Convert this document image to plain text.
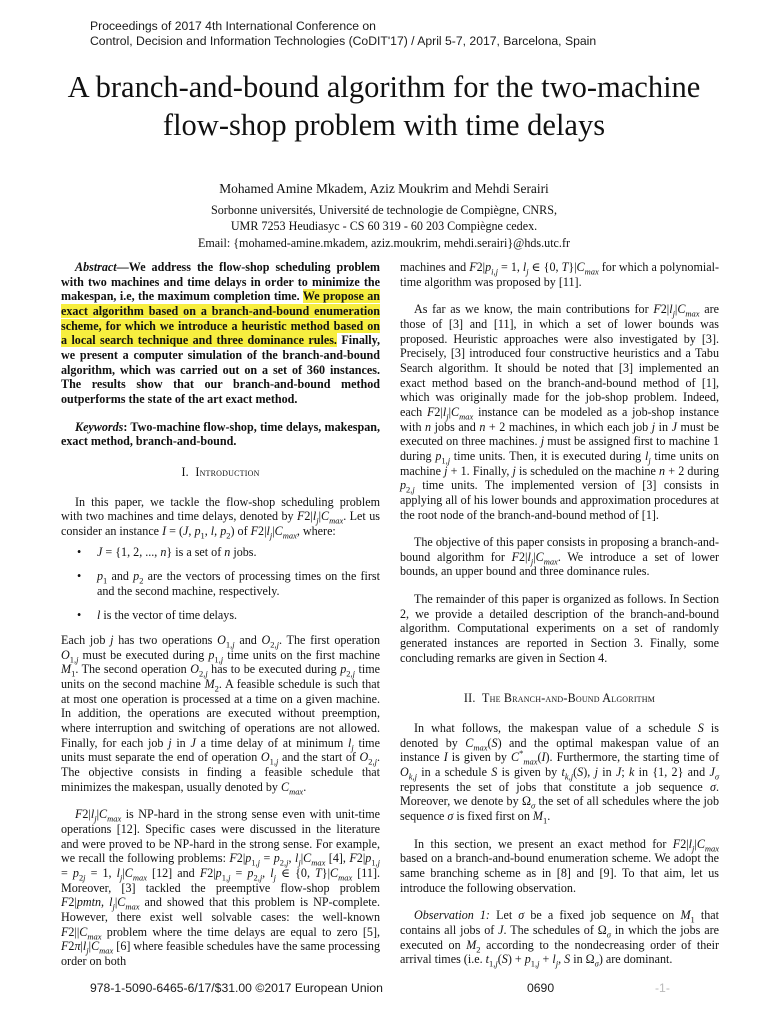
Proceedings of 2017 4th International Conference on
Control, Decision and Information Technologies (CoDIT'17) / April 5-7, 2017, Barcelona, Spain
A branch-and-bound algorithm for the two-machine
flow-shop problem with time delays
Mohamed Amine Mkadem, Aziz Moukrim and Mehdi Serairi
Sorbonne universités, Université de technologie de Compiègne, CNRS,
UMR 7253 Heudiasyc - CS 60 319 - 60 203 Compiègne cedex.
Email: {mohamed-amine.mkadem, aziz.moukrim, mehdi.serairi}@hds.utc.fr

Abstract—We address the flow-shop scheduling problem with two machines and time delays in order to minimize the makespan, i.e, the maximum completion time. We propose an exact algorithm based on a branch-and-bound enumeration scheme, for which we introduce a heuristic method based on a local search technique and three dominance rules. Finally, we present a computer simulation of the branch-and-bound algorithm, which was carried out on a set of 360 instances. The results show that our branch-and-bound method outperforms the state of the art exact method.

Keywords: Two-machine flow-shop, time delays, makespan, exact method, branch-and-bound.

I. Introduction

In this paper, we tackle the flow-shop scheduling problem with two machines and time delays, denoted by $F2|l_j|C_{max}$. Let us consider an instance I = (J, $p_1$, l, $p_2$) of $F2|l_j|C_{max}$, where:

• J = {1, 2, ..., n} is a set of n jobs.
• $p_1$ and $p_2$ are the vectors of processing times on the first and the second machine, respectively.
• l is the vector of time delays.

Each job j has two operations $O_{1,j}$ and $O_{2,j}$. The first operation $O_{1,j}$ must be executed during $p_{1,j}$ time units on the first machine $M_1$. The second operation $O_{2,j}$ has to be executed during $p_{2,j}$ time units on the second machine $M_2$. A feasible schedule is such that at most one operation is processed at a time on a given machine. In addition, the operations are executed without preemption, where interruption and switching of operations are not allowed. Finally, for each job j in J a time delay of at minimum $l_j$ time units must separate the end of operation $O_{1,j}$ and the start of $O_{2,j}$. The objective consists in finding a feasible schedule that minimizes the makespan, usually denoted by $C_{max}$.

$F2|l_j|C_{max}$ is NP-hard in the strong sense even with unit-time operations [12]. Specific cases were discussed in the literature and were proved to be NP-hard in the strong sense. For example, we recall the following problems: $F2|p_{1,j} = p_{2,j}$, $l_j|C_{max}$ [4], $F2|p_{1,j} = p_{2j} = 1$, $l_j|C_{max}$ [12] and $F2|p_{1,j} = p_{2,j}$, $l_j$ ∈ {0, $T\}|C_{max}$ [11]. Moreover, [3] tackled the preemptive flow-shop problem F2|pmtn, $l_j|C_{max}$ and showed that this problem is NP-complete. However, there exist well solvable cases: the well-known $F2||C_{max}$ problem where the time delays are equal to zero [5], $F2\pi|l_j|C_{max}$ [6] where feasible schedules have the same processing order on both

machines and $F2|p_{i,j} = 1$, $l_j$ ∈ {0, $T\}|C_{max}$ for which a polynomial-time algorithm was proposed by [11].

As far as we know, the main contributions for $F2|l_j|C_{max}$ are those of [3] and [11], in which a set of lower bounds was proposed. Heuristic approaches were also investigated by [3]. Precisely, [3] introduced four constructive heuristics and a Tabu Search algorithm. It should be noted that [3] implemented an exact method based on the branch-and-bound method of [1], which was originally made for the job-shop problem. Indeed, each $F2|l_j|C_{max}$ instance can be modeled as a job-shop instance with n jobs and n + 2 machines, in which each job j in J must be executed on three machines. j must be assigned first to machine 1 during $p_{1,j}$ time units. Then, it is executed during $l_j$ time units on machine j + 1. Finally, j is scheduled on the machine n + 2 during $p_{2,j}$ time units. The implemented version of [3] consists in applying all of his lower bounds and approximation procedures at the root node of the branch-and-bound method of [1].

The objective of this paper consists in proposing a branch-and-bound algorithm for $F2|l_j|C_{max}$. We introduce a set of lower bounds, an upper bound and three dominance rules.

The remainder of this paper is organized as follows. In Section 2, we provide a detailed description of the branch-and-bound algorithm. Computational experiments on a set of randomly generated instances are reported in Section 3. Finally, some concluding remarks are given in Section 4.

II. The Branch-and-Bound Algorithm

In what follows, the makespan value of a schedule S is denoted by $C_{max}(S)$ and the optimal makespan value of an instance I is given by $C^*_{max}(I)$. Furthermore, the starting time of $O_{k,j}$ in a schedule S is given by $t_{k,j}(S)$, j in J; k in {1, 2} and $J_\sigma$ represents the set of jobs that constitute a job sequence σ. Moreover, we denote by $\Omega_\sigma$ the set of all schedules where the job sequence σ is fixed first on $M_1$.

In this section, we present an exact method for $F2|l_j|C_{max}$ based on a branch-and-bound enumeration scheme. We adopt the same branching scheme as in [8] and [9]. To that aim, let us introduce the following observation.

Observation 1: Let σ be a fixed job sequence on $M_1$ that contains all jobs of J. The schedules of $\Omega_\sigma$ in which the jobs are executed on $M_2$ according to the nondecreasing order of their arrival times (i.e. $t_{1,j}(S) + p_{1,j} + l_j$, S in $\Omega_\sigma$) are dominant.

978-1-5090-6465-6/17/$31.00 ©2017 European Union	0690	-1-
